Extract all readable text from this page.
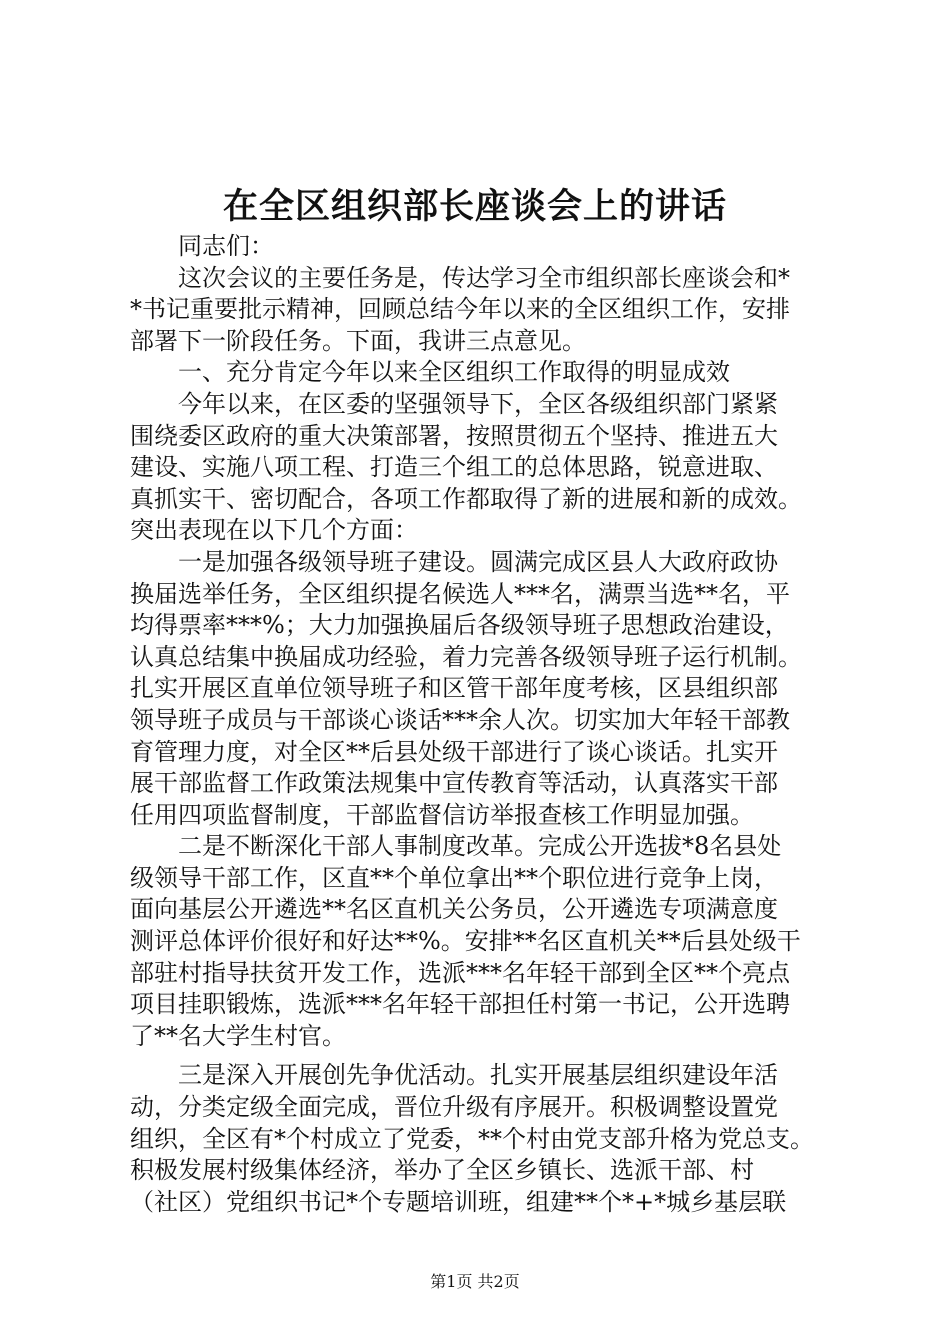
在全区组织部长座谈会上的讲话
同志们：
这次会议的主要任务是，传达学习全市组织部长座谈会和*
*书记重要批示精神，回顾总结今年以来的全区组织工作，安排
部署下一阶段任务。下面，我讲三点意见。
一、充分肯定今年以来全区组织工作取得的明显成效
今年以来，在区委的坚强领导下，全区各级组织部门紧紧
围绕委区政府的重大决策部署，按照贯彻五个坚持、推进五大
建设、实施八项工程、打造三个组工的总体思路，锐意进取、
真抓实干、密切配合，各项工作都取得了新的进展和新的成效。
突出表现在以下几个方面：
一是加强各级领导班子建设。圆满完成区县人大政府政协
换届选举任务，全区组织提名候选人***名，满票当选**名，平
均得票率***%；大力加强换届后各级领导班子思想政治建设，
认真总结集中换届成功经验，着力完善各级领导班子运行机制。
扎实开展区直单位领导班子和区管干部年度考核，区县组织部
领导班子成员与干部谈心谈话***余人次。切实加大年轻干部教
育管理力度，对全区**后县处级干部进行了谈心谈话。扎实开
展干部监督工作政策法规集中宣传教育等活动，认真落实干部
任用四项监督制度，干部监督信访举报查核工作明显加强。
二是不断深化干部人事制度改革。完成公开选拔*8名县处
级领导干部工作，区直**个单位拿出**个职位进行竞争上岗，
面向基层公开遴选**名区直机关公务员，公开遴选专项满意度
测评总体评价很好和好达**%。安排**名区直机关**后县处级干
部驻村指导扶贫开发工作，选派***名年轻干部到全区**个亮点
项目挂职锻炼，选派***名年轻干部担任村第一书记，公开选聘
了**名大学生村官。
三是深入开展创先争优活动。扎实开展基层组织建设年活
动，分类定级全面完成，晋位升级有序展开。积极调整设置党
组织，全区有*个村成立了党委，**个村由党支部升格为党总支。
积极发展村级集体经济，举办了全区乡镇长、选派干部、村
（社区）党组织书记*个专题培训班，组建**个*+*城乡基层联
第1页 共2页
